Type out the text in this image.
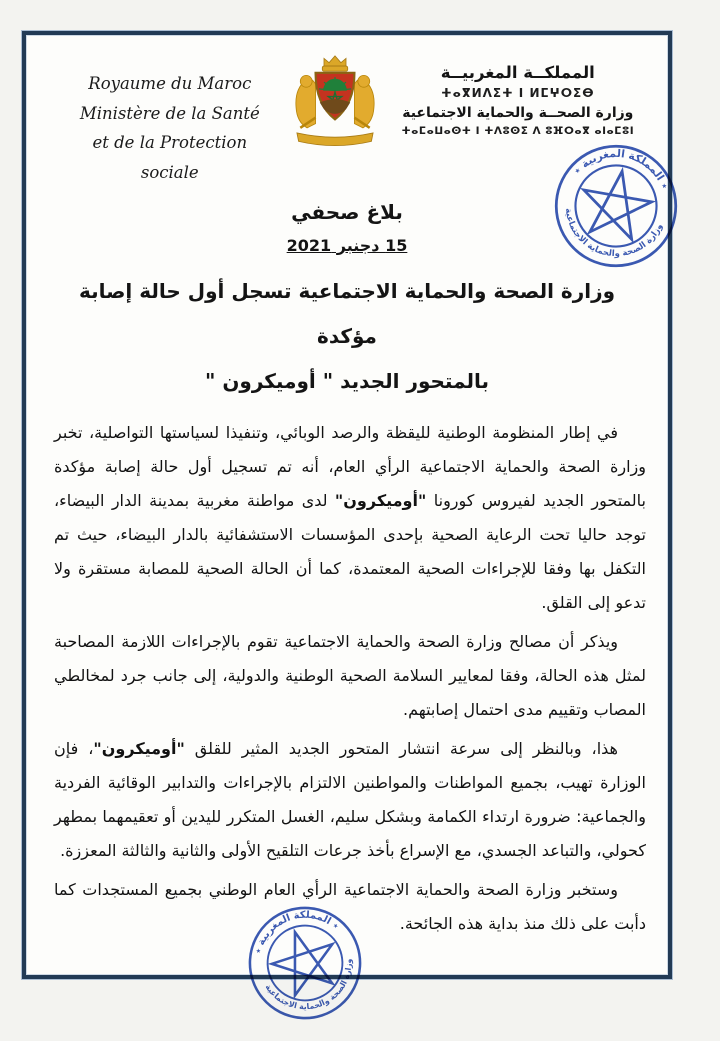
Royaume du Maroc
Ministère de la Santé
et de la Protection sociale
المملكــة المغربيــة
ⵜⴰⴳⵍⴷⵉⵜ ⵏ ⵍⵎⵖⵔⵉⴱ
وزارة الصحــة والحماية الاجتماعية
ⵜⴰⵎⴰⵡⴰⵙⵜ ⵏ ⵜⴷⵓⵙⵉ ⴷ ⵓⴼⵔⴰⴳ ⴰⵏⴰⵎⵓⵏ
بلاغ صحفي
15 دجنبر 2021
وزارة الصحة والحماية الاجتماعية تسجل أول حالة إصابة مؤكدة
بالمتحور الجديد " أوميكرون "

في إطار المنظومة الوطنية لليقظة والرصد الوبائي، وتنفيذا لسياستها التواصلية، تخبر وزارة الصحة والحماية الاجتماعية الرأي العام، أنه تم تسجيل أول حالة إصابة مؤكدة بالمتحور الجديد لفيروس كورونا "أوميكرون" لدى مواطنة مغربية بمدينة الدار البيضاء، توجد حاليا تحت الرعاية الصحية بإحدى المؤسسات الاستشفائية بالدار البيضاء، حيث تم التكفل بها وفقا للإجراءات الصحية المعتمدة، كما أن الحالة الصحية للمصابة مستقرة ولا تدعو إلى القلق.

ويذكر أن مصالح وزارة الصحة والحماية الاجتماعية تقوم بالإجراءات اللازمة المصاحبة لمثل هذه الحالة، وفقا لمعايير السلامة الصحية الوطنية والدولية، إلى جانب جرد لمخالطي المصاب وتقييم مدى احتمال إصابتهم.

هذا، وبالنظر إلى سرعة انتشار المتحور الجديد المثير للقلق "أوميكرون"، فإن الوزارة تهيب، بجميع المواطنات والمواطنين الالتزام بالإجراءات والتدابير الوقائية الفردية والجماعية: ضرورة ارتداء الكمامة وبشكل سليم، الغسل المتكرر لليدين أو تعقيمهما بمطهر كحولي، والتباعد الجسدي، مع الإسراع بأخذ جرعات التلقيح الأولى والثانية والثالثة المعززة.

وستخبر وزارة الصحة والحماية الاجتماعية الرأي العام الوطني بجميع المستجدات كما دأبت على ذلك منذ بداية هذه الجائحة.

٭ المملكة المغربية ٭
وزارة الصحة والحماية الاجتماعية
٭ المملكة المغربية ٭
وزارة الصحة والحماية الاجتماعية
